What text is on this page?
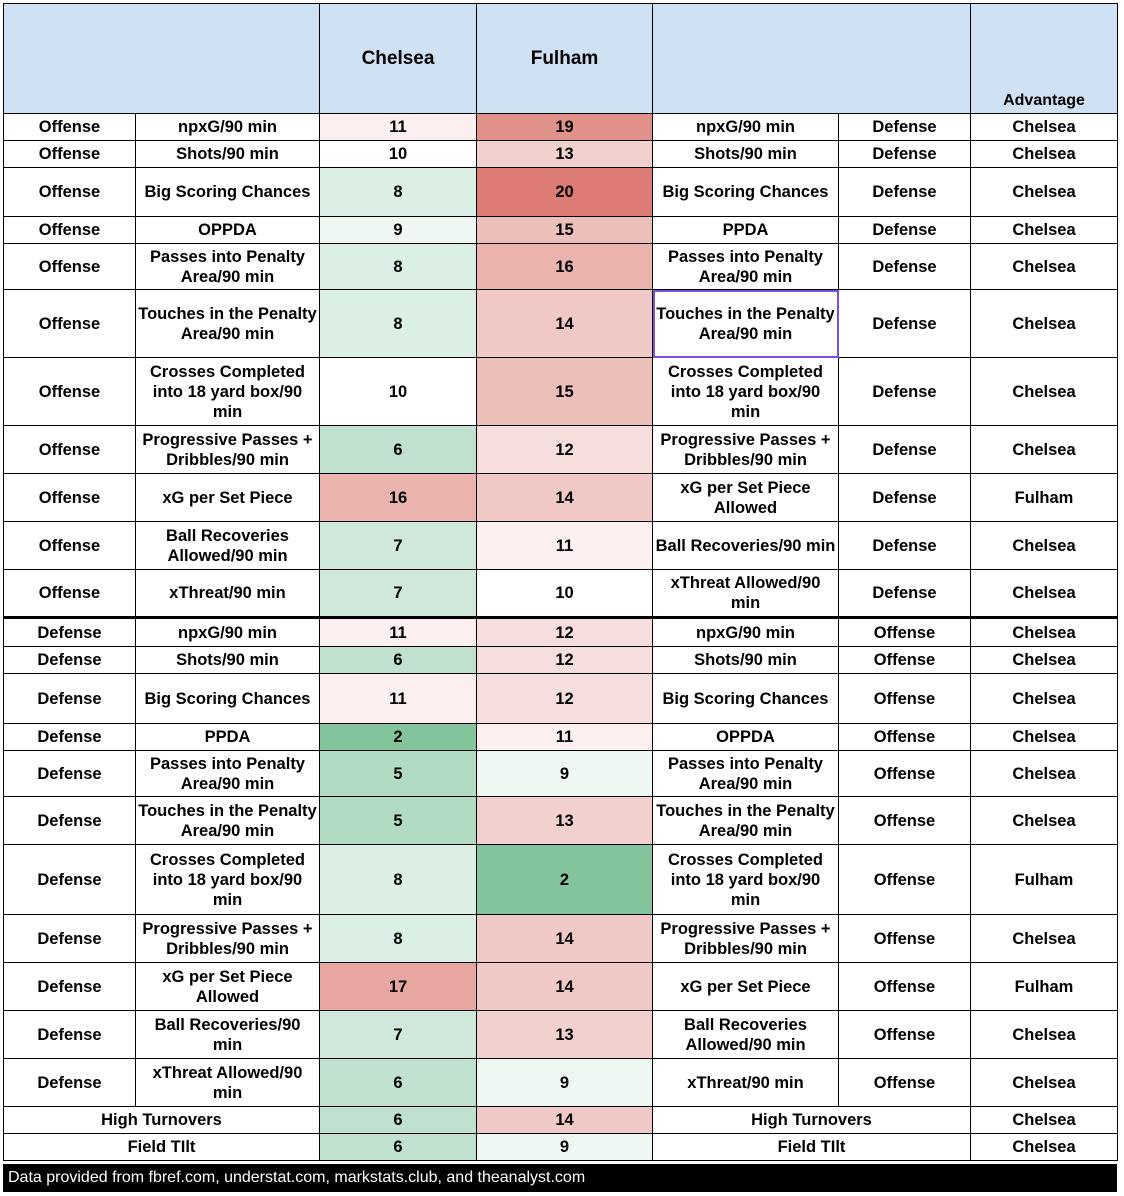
		Chelsea	Fulham			Advantage
Offense	npxG/90 min	11	19	npxG/90 min	Defense	Chelsea
Offense	Shots/90 min	10	13	Shots/90 min	Defense	Chelsea
Offense	Big Scoring Chances	8	20	Big Scoring Chances	Defense	Chelsea
Offense	OPPDA	9	15	PPDA	Defense	Chelsea
Offense	Passes into Penalty Area/90 min	8	16	Passes into Penalty Area/90 min	Defense	Chelsea
Offense	Touches in the Penalty Area/90 min	8	14	Touches in the Penalty Area/90 min	Defense	Chelsea
Offense	Crosses Completed into 18 yard box/90 min	10	15	Crosses Completed into 18 yard box/90 min	Defense	Chelsea
Offense	Progressive Passes + Dribbles/90 min	6	12	Progressive Passes + Dribbles/90 min	Defense	Chelsea
Offense	xG per Set Piece	16	14	xG per Set Piece Allowed	Defense	Fulham
Offense	Ball Recoveries Allowed/90 min	7	11	Ball Recoveries/90 min	Defense	Chelsea
Offense	xThreat/90 min	7	10	xThreat Allowed/90 min	Defense	Chelsea
Defense	npxG/90 min	11	12	npxG/90 min	Offense	Chelsea
Defense	Shots/90 min	6	12	Shots/90 min	Offense	Chelsea
Defense	Big Scoring Chances	11	12	Big Scoring Chances	Offense	Chelsea
Defense	PPDA	2	11	OPPDA	Offense	Chelsea
Defense	Passes into Penalty Area/90 min	5	9	Passes into Penalty Area/90 min	Offense	Chelsea
Defense	Touches in the Penalty Area/90 min	5	13	Touches in the Penalty Area/90 min	Offense	Chelsea
Defense	Crosses Completed into 18 yard box/90 min	8	2	Crosses Completed into 18 yard box/90 min	Offense	Fulham
Defense	Progressive Passes + Dribbles/90 min	8	14	Progressive Passes + Dribbles/90 min	Offense	Chelsea
Defense	xG per Set Piece Allowed	17	14	xG per Set Piece	Offense	Fulham
Defense	Ball Recoveries/90 min	7	13	Ball Recoveries Allowed/90 min	Offense	Chelsea
Defense	xThreat Allowed/90 min	6	9	xThreat/90 min	Offense	Chelsea
High Turnovers		6	14	High Turnovers		Chelsea
Field TIlt		6	9	Field TIlt		Chelsea
Data provided from fbref.com, understat.com, markstats.club, and theanalyst.com
